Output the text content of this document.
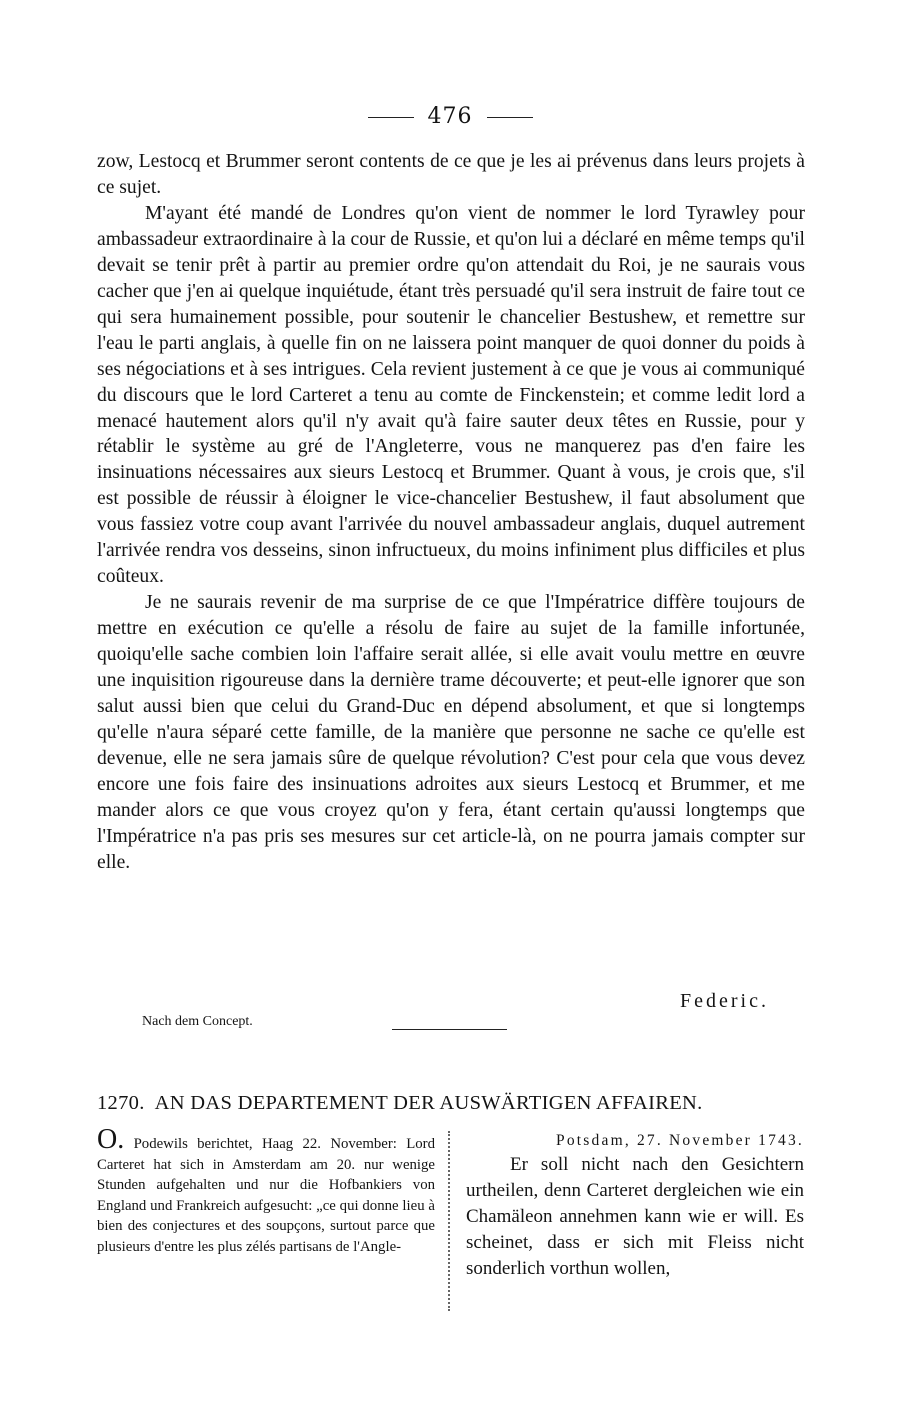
476

zow, Lestocq et Brummer seront contents de ce que je les ai prévenus dans leurs projets à ce sujet.

M'ayant été mandé de Londres qu'on vient de nommer le lord Tyrawley pour ambassadeur extraordinaire à la cour de Russie, et qu'on lui a déclaré en même temps qu'il devait se tenir prêt à partir au premier ordre qu'on attendait du Roi, je ne saurais vous cacher que j'en ai quelque inquiétude, étant très persuadé qu'il sera instruit de faire tout ce qui sera humainement possible, pour soutenir le chancelier Bestushew, et remettre sur l'eau le parti anglais, à quelle fin on ne laissera point manquer de quoi donner du poids à ses négociations et à ses intrigues. Cela revient justement à ce que je vous ai communiqué du discours que le lord Carteret a tenu au comte de Finckenstein; et comme ledit lord a menacé hautement alors qu'il n'y avait qu'à faire sauter deux têtes en Russie, pour y rétablir le système au gré de l'Angleterre, vous ne manquerez pas d'en faire les insinuations nécessaires aux sieurs Lestocq et Brummer. Quant à vous, je crois que, s'il est possible de réussir à éloigner le vice-chancelier Bestushew, il faut absolument que vous fassiez votre coup avant l'arrivée du nouvel ambassadeur anglais, duquel autrement l'arrivée rendra vos desseins, sinon infructueux, du moins infiniment plus difficiles et plus coûteux.

Je ne saurais revenir de ma surprise de ce que l'Impératrice diffère toujours de mettre en exécution ce qu'elle a résolu de faire au sujet de la famille infortunée, quoiqu'elle sache combien loin l'affaire serait allée, si elle avait voulu mettre en œuvre une inquisition rigoureuse dans la dernière trame découverte; et peut-elle ignorer que son salut aussi bien que celui du Grand-Duc en dépend absolument, et que si longtemps qu'elle n'aura séparé cette famille, de la manière que personne ne sache ce qu'elle est devenue, elle ne sera jamais sûre de quelque révolution? C'est pour cela que vous devez encore une fois faire des insinuations adroites aux sieurs Lestocq et Brummer, et me mander alors ce que vous croyez qu'on y fera, étant certain qu'aussi longtemps que l'Impératrice n'a pas pris ses mesures sur cet article-là, on ne pourra jamais compter sur elle.

Federic.
Nach dem Concept.
1270. AN DAS DEPARTEMENT DER AUSWÄRTIGEN AFFAIREN.
O. Podewils berichtet, Haag 22. November: Lord Carteret hat sich in Amsterdam am 20. nur wenige Stunden aufgehalten und nur die Hofbankiers von England und Frankreich aufgesucht: „ce qui donne lieu à bien des conjectures et des soupçons, surtout parce que plusieurs d'entre les plus zélés partisans de l'Angle-

Potsdam, 27. November 1743.

Er soll nicht nach den Gesichtern urtheilen, denn Carteret dergleichen wie ein Chamäleon annehmen kann wie er will. Es scheinet, dass er sich mit Fleiss nicht sonderlich vorthun wollen,
